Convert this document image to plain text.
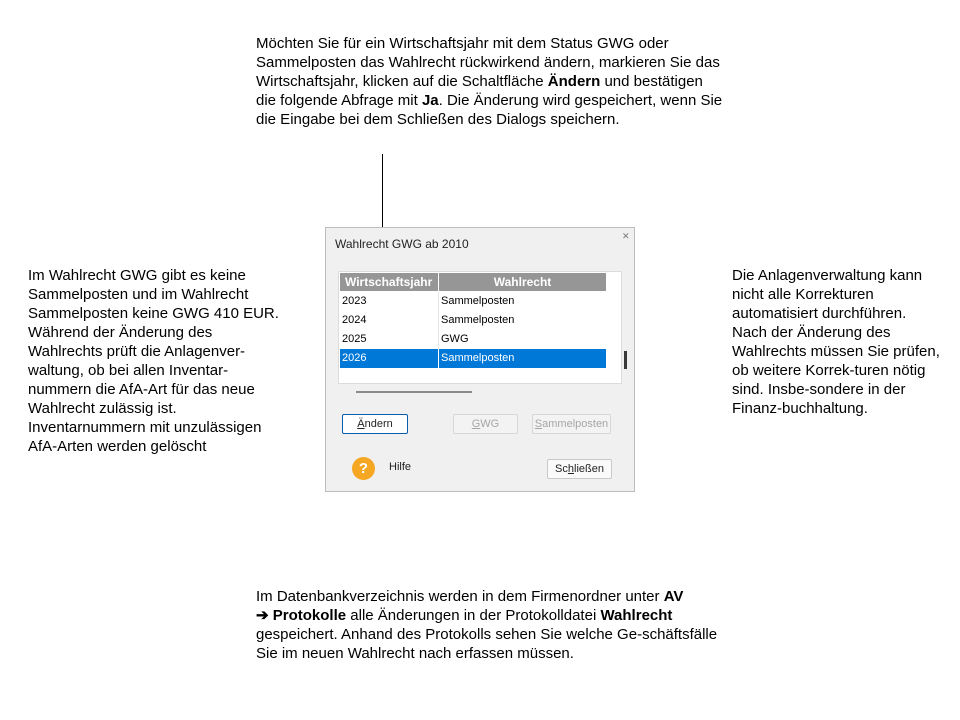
Möchten Sie für ein Wirtschaftsjahr mit dem Status GWG oder Sammelposten das Wahlrecht rückwirkend ändern, markieren Sie das Wirtschaftsjahr, klicken auf die Schaltfläche Ändern und bestätigen die folgende Abfrage mit Ja. Die Änderung wird gespeichert, wenn Sie die Eingabe bei dem Schließen des Dialogs speichern.
Im Wahlrecht GWG gibt es keine Sammelposten und im Wahlrecht Sammelposten keine GWG 410 EUR. Während der Änderung des Wahlrechts prüft die Anlagenver-waltung, ob bei allen Inventar-nummern die AfA-Art für das neue Wahlrecht zulässig ist. Inventarnummern mit unzulässigen AfA-Arten werden gelöscht
Die Anlagenverwaltung kann nicht alle Korrekturen automatisiert durchführen. Nach der Änderung des Wahlrechts müssen Sie prüfen, ob weitere Korrek-turen nötig sind. Insbe-sondere in der Finanz-buchhaltung.
Im Datenbankverzeichnis werden in dem Firmenordner unter AV
➔ Protokolle alle Änderungen in der Protokolldatei Wahlrecht gespeichert. Anhand des Protokolls sehen Sie welche Ge-schäftsfälle Sie im neuen Wahlrecht nach erfassen müssen.
Wahlrecht GWG ab 2010
✕
Wirtschaftsjahr	Wahlrecht
2023	Sammelposten
2024	Sammelposten
2025	GWG
2026	Sammelposten
Ändern	GWG	Sammelposten
?	Hilfe	Schließen
